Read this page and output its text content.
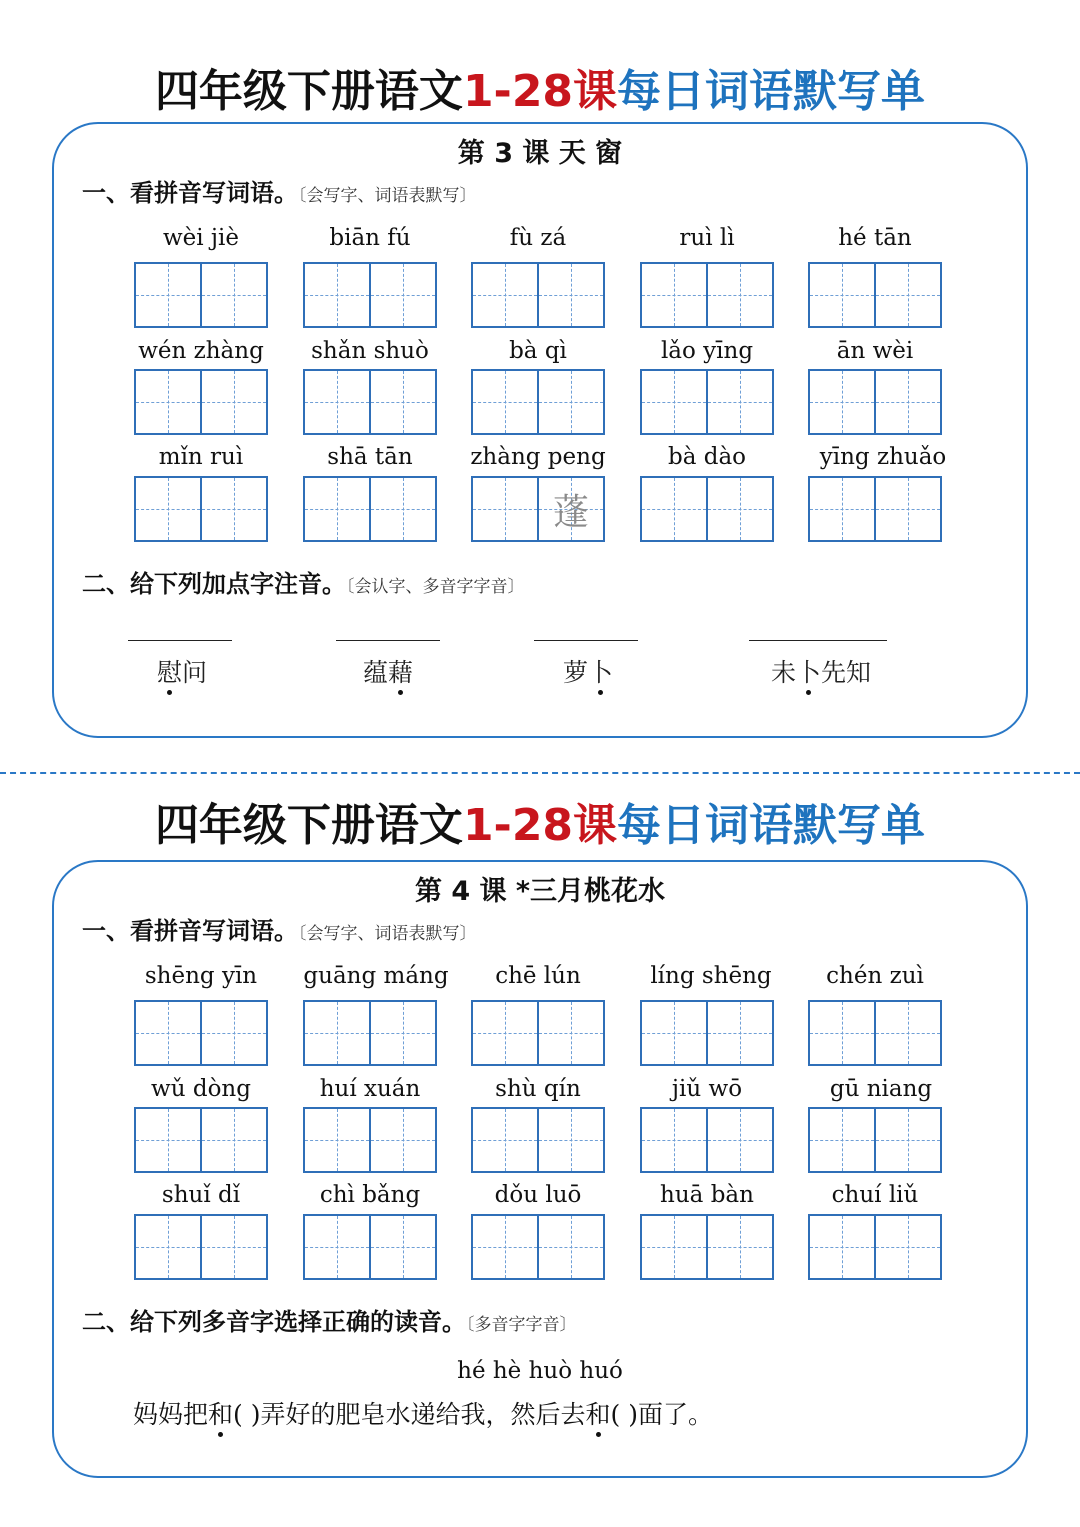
四年级下册语文1-28课每日词语默写单
第 3 课 天 窗
一、看拼音写词语。〔会写字、词语表默写〕
wèi jiè	biān fú	fù zá	ruì lì	hé tān
wén zhàng	shǎn shuò	bà qì	lǎo yīng	ān wèi
mǐn ruì	shā tān	zhàng peng	bà dào	yīng zhuǎo
蓬
二、给下列加点字注音。〔会认字、多音字字音〕
慰问	蕴藉	萝卜	未卜先知
四年级下册语文1-28课每日词语默写单
第 4 课 *三月桃花水
一、看拼音写词语。〔会写字、词语表默写〕
shēng yīn	guāng máng	chē lún	líng shēng	chén zuì
wǔ dòng	huí xuán	shù qín	jiǔ wō	gū niang
shuǐ dǐ	chì bǎng	dǒu luō	huā bàn	chuí liǔ
二、给下列多音字选择正确的读音。〔多音字字音〕
hé hè huò huó
妈妈把和( )弄好的肥皂水递给我，然后去和( )面了。
